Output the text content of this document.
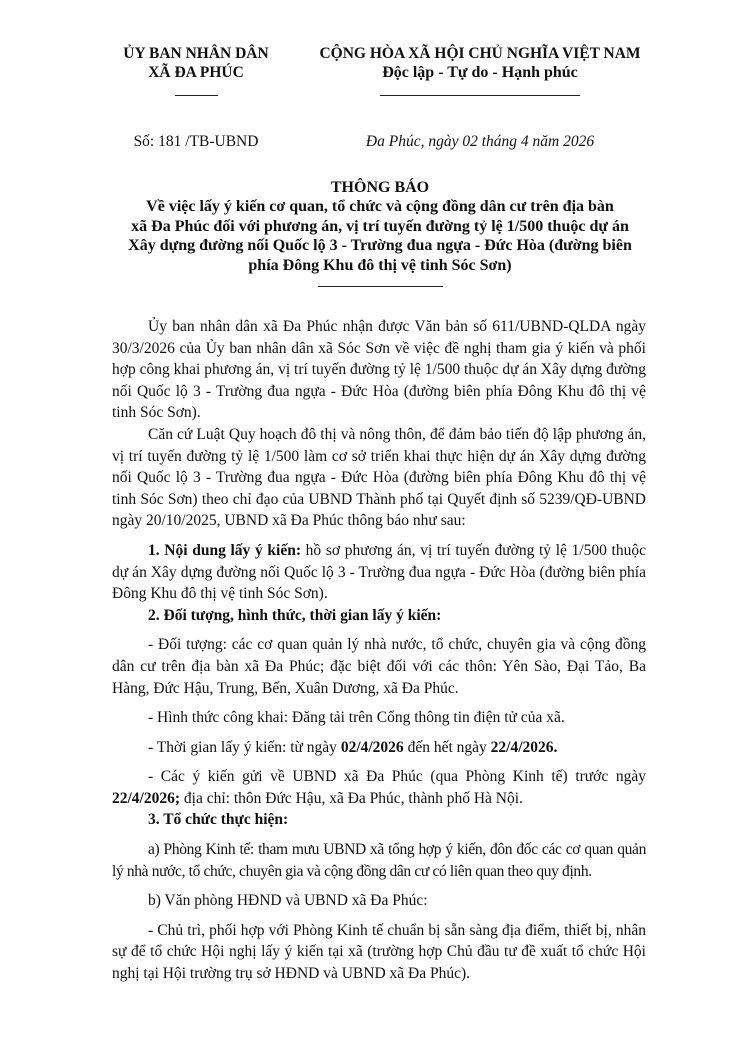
ỦY BAN NHÂN DÂN
XÃ ĐA PHÚC
CỘNG HÒA XÃ HỘI CHỦ NGHĨA VIỆT NAM
Độc lập - Tự do - Hạnh phúc
Số: 181 /TB-UBND	Đa Phúc, ngày 02 tháng 4 năm 2026
THÔNG BÁO
Về việc lấy ý kiến cơ quan, tổ chức và cộng đồng dân cư trên địa bàn
xã Đa Phúc đối với phương án, vị trí tuyến đường tỷ lệ 1/500 thuộc dự án
Xây dựng đường nối Quốc lộ 3 - Trường đua ngựa - Đức Hòa (đường biên
phía Đông Khu đô thị vệ tinh Sóc Sơn)

Ủy ban nhân dân xã Đa Phúc nhận được Văn bản số 611/UBND-QLDA ngày 30/3/2026 của Ủy ban nhân dân xã Sóc Sơn về việc đề nghị tham gia ý kiến và phối hợp công khai phương án, vị trí tuyến đường tỷ lệ 1/500 thuộc dự án Xây dựng đường nối Quốc lộ 3 - Trường đua ngựa - Đức Hòa (đường biên phía Đông Khu đô thị vệ tinh Sóc Sơn).

Căn cứ Luật Quy hoạch đô thị và nông thôn, để đảm bảo tiến độ lập phương án, vị trí tuyến đường tỷ lệ 1/500 làm cơ sở triển khai thực hiện dự án Xây dựng đường nối Quốc lộ 3 - Trường đua ngựa - Đức Hòa (đường biên phía Đông Khu đô thị vệ tinh Sóc Sơn) theo chỉ đạo của UBND Thành phố tại Quyết định số 5239/QĐ-UBND ngày 20/10/2025, UBND xã Đa Phúc thông báo như sau:

1. Nội dung lấy ý kiến: hồ sơ phương án, vị trí tuyến đường tỷ lệ 1/500 thuộc dự án Xây dựng đường nối Quốc lộ 3 - Trường đua ngựa - Đức Hòa (đường biên phía Đông Khu đô thị vệ tinh Sóc Sơn).

2. Đối tượng, hình thức, thời gian lấy ý kiến:

- Đối tượng: các cơ quan quản lý nhà nước, tổ chức, chuyên gia và cộng đồng dân cư trên địa bàn xã Đa Phúc; đặc biệt đối với các thôn: Yên Sào, Đại Tảo, Ba Hàng, Đức Hậu, Trung, Bến, Xuân Dương, xã Đa Phúc.

- Hình thức công khai: Đăng tải trên Cổng thông tin điện tử của xã.

- Thời gian lấy ý kiến: từ ngày 02/4/2026 đến hết ngày 22/4/2026.

- Các ý kiến gửi về UBND xã Đa Phúc (qua Phòng Kinh tế) trước ngày 22/4/2026; địa chỉ: thôn Đức Hậu, xã Đa Phúc, thành phố Hà Nội.

3. Tổ chức thực hiện:

a) Phòng Kinh tế: tham mưu UBND xã tổng hợp ý kiến, đôn đốc các cơ quan quản lý nhà nước, tổ chức, chuyên gia và cộng đồng dân cư có liên quan theo quy định.

b) Văn phòng HĐND và UBND xã Đa Phúc:

- Chủ trì, phối hợp với Phòng Kinh tế chuẩn bị sẵn sàng địa điểm, thiết bị, nhân sự để tổ chức Hội nghị lấy ý kiến tại xã (trường hợp Chủ đầu tư đề xuất tổ chức Hội nghị tại Hội trường trụ sở HĐND và UBND xã Đa Phúc).
